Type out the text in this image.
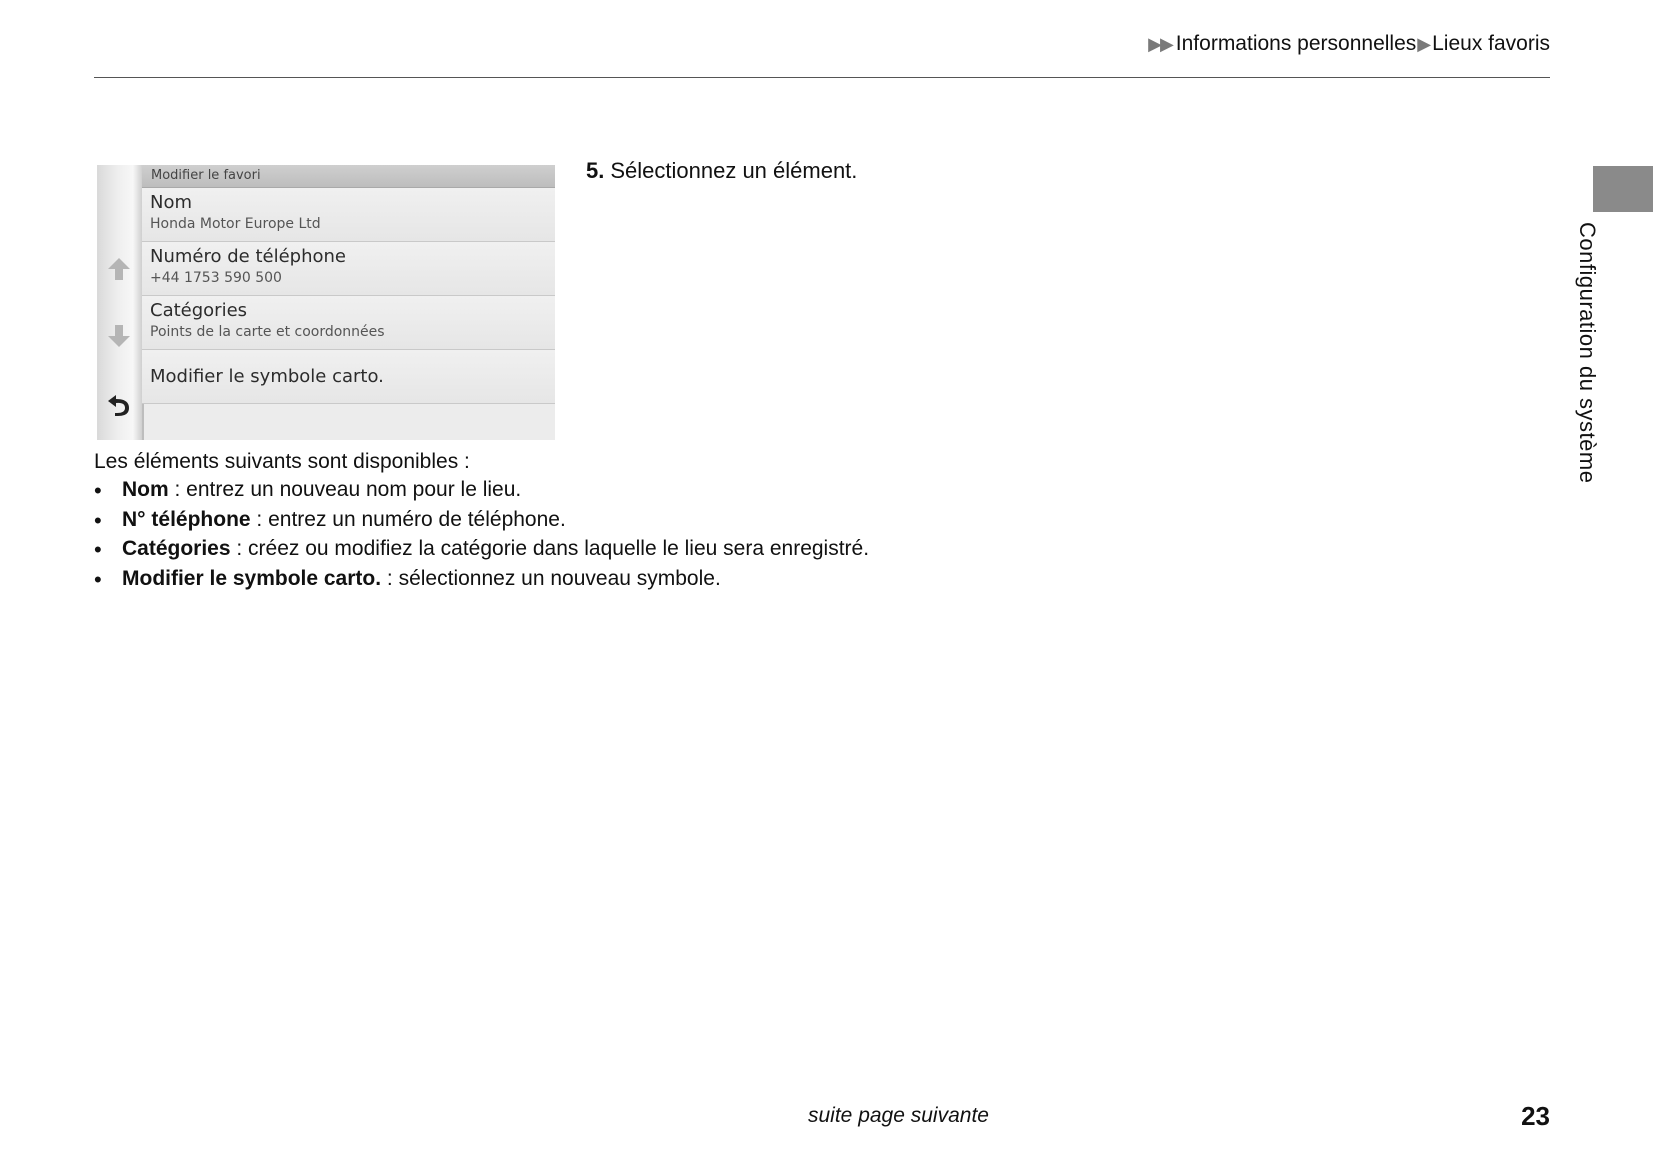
▶▶ Informations personnelles ▶ Lieux favoris
Configuration du système
Modifier le favori
Nom
Honda Motor Europe Ltd
Numéro de téléphone
+44 1753 590 500
Catégories
Points de la carte et coordonnées
Modifier le symbole carto.
5. Sélectionnez un élément.
Les éléments suivants sont disponibles :
• Nom : entrez un nouveau nom pour le lieu.
• N° téléphone : entrez un numéro de téléphone.
• Catégories : créez ou modifiez la catégorie dans laquelle le lieu sera enregistré.
• Modifier le symbole carto. : sélectionnez un nouveau symbole.
suite page suivante	23
